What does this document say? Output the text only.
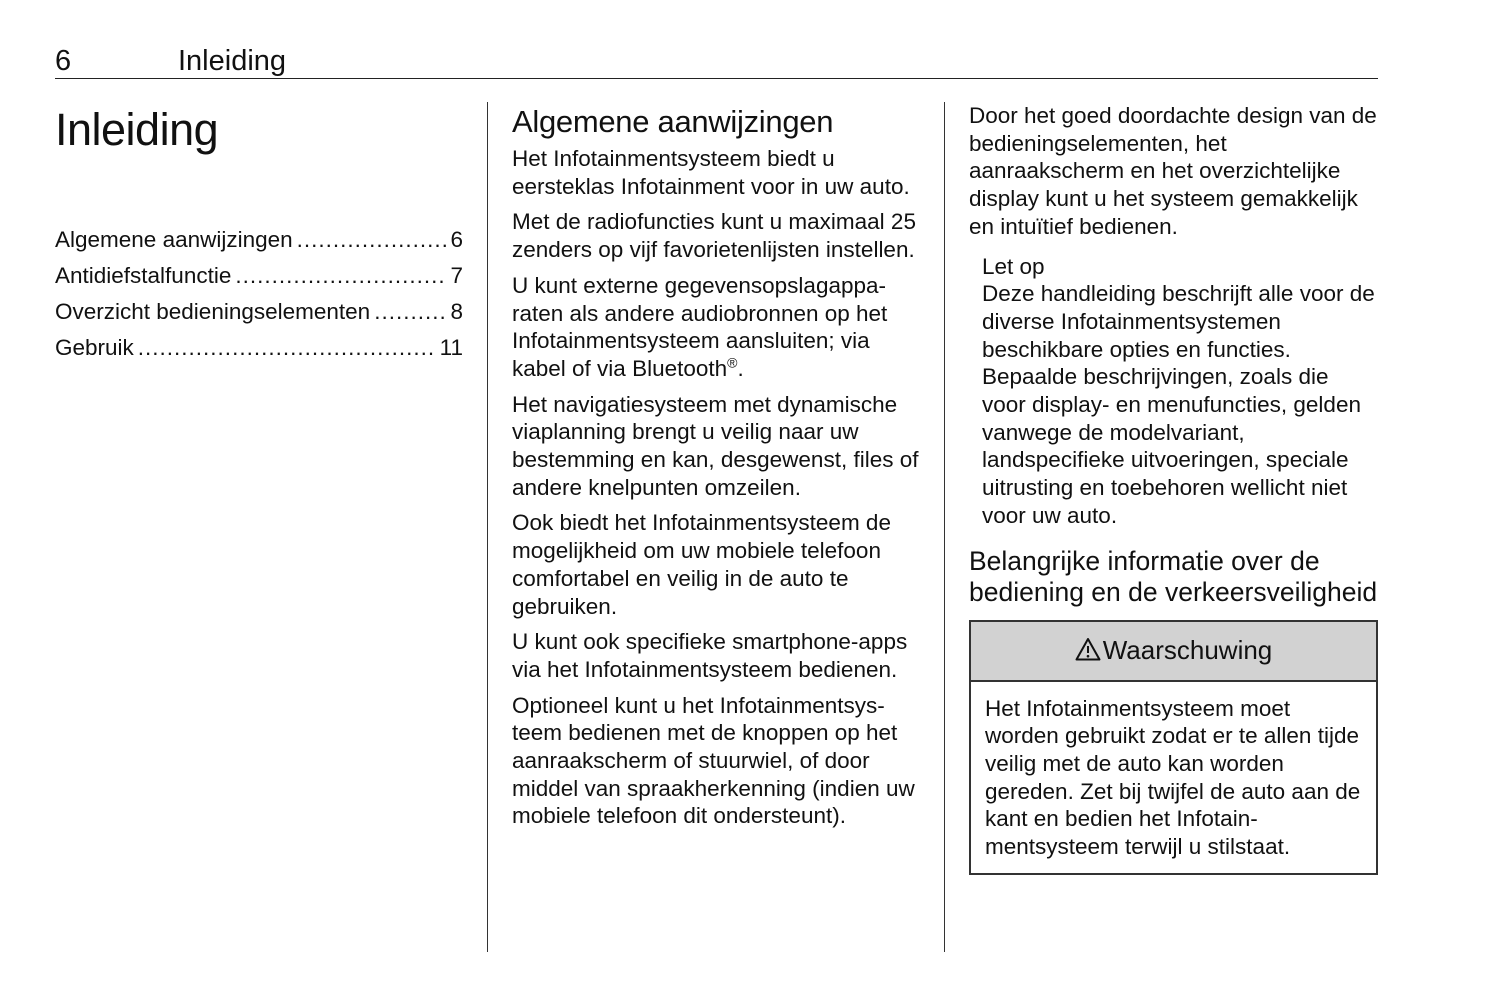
6	Inleiding
Inleiding
Algemene aanwijzingen .....	6
Antidiefstalfunctie .....	7
Overzicht bedieningselementen .....	8
Gebruik .....	11
Algemene aanwijzingen

Het Infotainmentsysteem biedt u eersteklas Infotainment voor in uw auto.

Met de radiofuncties kunt u maximaal 25 zenders op vijf favorietenlijsten instellen.

U kunt externe gegevensopslagapparaten als andere audiobronnen op het Infotainmentsysteem aansluiten; via kabel of via Bluetooth®.

Het navigatiesysteem met dynamische viaplanning brengt u veilig naar uw bestemming en kan, desgewenst, files of andere knelpunten omzeilen.

Ook biedt het Infotainmentsysteem de mogelijkheid om uw mobiele telefoon comfortabel en veilig in de auto te gebruiken.

U kunt ook specifieke smartphone-apps via het Infotainmentsysteem bedienen.

Optioneel kunt u het Infotainmentsysteem bedienen met de knoppen op het aanraakscherm of stuurwiel, of door middel van spraakherkenning (indien uw mobiele telefoon dit ondersteunt).

Door het goed doordachte design van de bedieningselementen, het aanraakscherm en het overzichtelijke display kunt u het systeem gemakkelijk en intuïtief bedienen.

Let op

Deze handleiding beschrijft alle voor de diverse Infotainmentsystemen beschikbare opties en functies. Bepaalde beschrijvingen, zoals die voor display- en menufuncties, gelden vanwege de modelvariant, landspecifieke uitvoeringen, speciale uitrusting en toebehoren wellicht niet voor uw auto.

Belangrijke informatie over de bediening en de verkeersveiligheid
Waarschuwing
Het Infotainmentsysteem moet worden gebruikt zodat er te allen tijde veilig met de auto kan worden gereden. Zet bij twijfel de auto aan de kant en bedien het Infotainmentsysteem terwijl u stilstaat.
